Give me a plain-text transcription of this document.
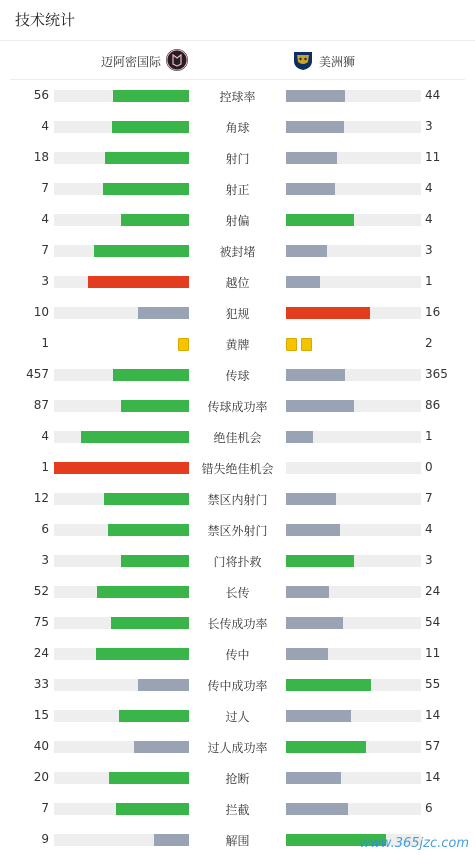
技术统计
迈阿密国际	美洲狮
56	控球率	44
4	角球	3
18	射门	11
7	射正	4
4	射偏	4
7	被封堵	3
3	越位	1
10	犯规	16
1	黄牌	2
457	传球	365
87	传球成功率	86
4	绝佳机会	1
1	错失绝佳机会	0
12	禁区内射门	7
6	禁区外射门	4
3	门将扑救	3
52	长传	24
75	长传成功率	54
24	传中	11
33	传中成功率	55
15	过人	14
40	过人成功率	57
20	抢断	14
7	拦截	6
9	解围	www.365jzc.com
